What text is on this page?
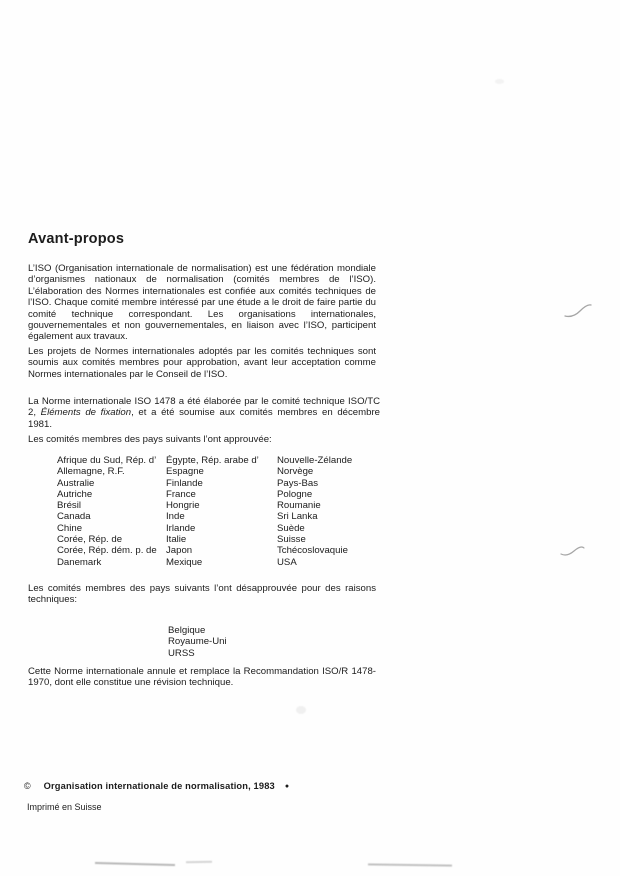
Avant-propos

L’ISO (Organisation internationale de normalisation) est une fédération mondiale d’organismes nationaux de normalisation (comités membres de l’ISO). L’élaboration des Normes internationales est confiée aux comités techniques de l’ISO. Chaque comité membre intéressé par une étude a le droit de faire partie du comité technique correspondant. Les organisations internationales, gouvernementales et non gouvernementales, en liaison avec l’ISO, participent également aux travaux.

Les projets de Normes internationales adoptés par les comités techniques sont soumis aux comités membres pour approbation, avant leur acceptation comme Normes internationales par le Conseil de l’ISO.

La Norme internationale ISO 1478 a été élaborée par le comité technique ISO/TC 2, Éléments de fixation, et a été soumise aux comités membres en décembre 1981.

Les comités membres des pays suivants l’ont approuvée:

Afrique du Sud, Rép. d’
Allemagne, R.F.
Australie
Autriche
Brésil
Canada
Chine
Corée, Rép. de
Corée, Rép. dém. p. de
Danemark
Égypte, Rép. arabe d’
Espagne
Finlande
France
Hongrie
Inde
Irlande
Italie
Japon
Mexique
Nouvelle-Zélande
Norvège
Pays-Bas
Pologne
Roumanie
Sri Lanka
Suède
Suisse
Tchécoslovaquie
USA

Les comités membres des pays suivants l’ont désapprouvée pour des raisons techniques:

Belgique
Royaume-Uni
URSS

Cette Norme internationale annule et remplace la Recommandation ISO/R 1478-1970, dont elle constitue une révision technique.

© Organisation internationale de normalisation, 1983 ●
Imprimé en Suisse
